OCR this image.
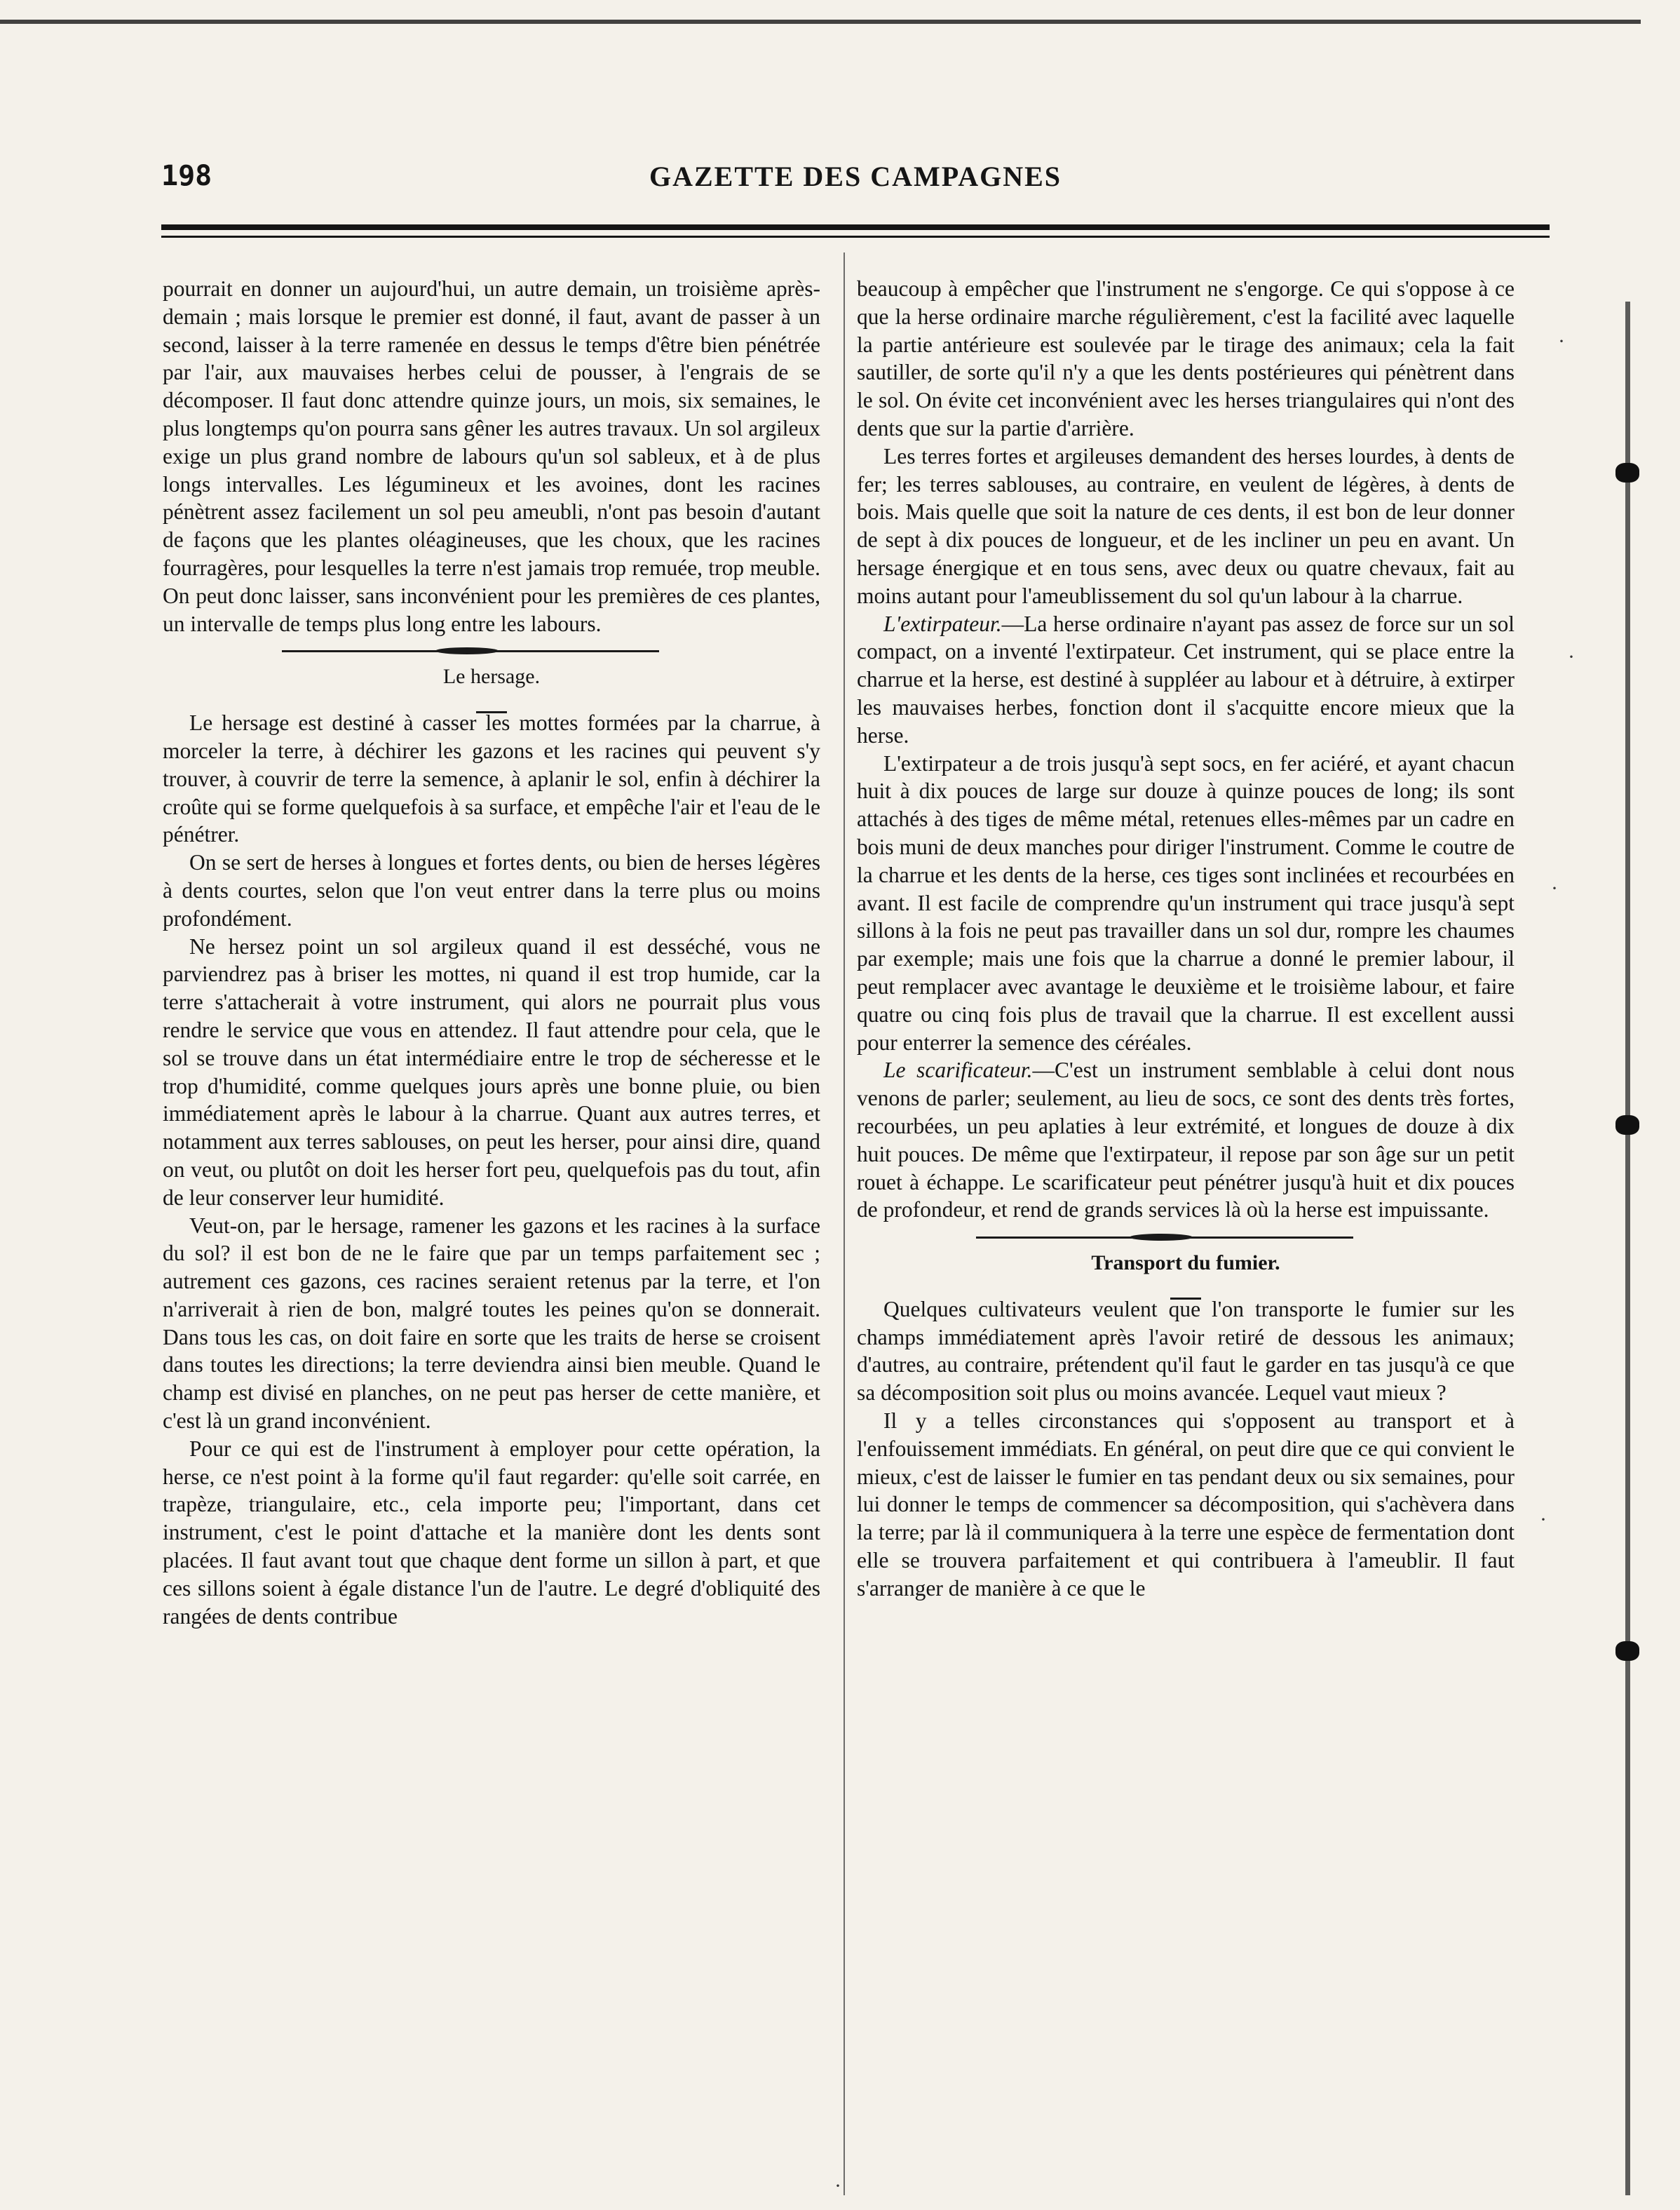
198	GAZETTE DES CAMPAGNES

pourrait en donner un aujourd'hui, un autre demain, un troisième après-demain ; mais lorsque le premier est donné, il faut, avant de passer à un second, laisser à la terre ramenée en dessus le temps d'être bien pénétrée par l'air, aux mauvaises herbes celui de pousser, à l'engrais de se décomposer. Il faut donc attendre quinze jours, un mois, six semaines, le plus longtemps qu'on pourra sans gêner les autres travaux. Un sol argileux exige un plus grand nombre de labours qu'un sol sableux, et à de plus longs intervalles. Les légumineux et les avoines, dont les racines pénètrent assez facilement un sol peu ameubli, n'ont pas besoin d'autant de façons que les plantes oléagineuses, que les choux, que les racines fourragères, pour lesquelles la terre n'est jamais trop remuée, trop meuble. On peut donc laisser, sans inconvénient pour les premières de ces plantes, un intervalle de temps plus long entre les labours.

Le hersage.

Le hersage est destiné à casser les mottes formées par la charrue, à morceler la terre, à déchirer les gazons et les racines qui peuvent s'y trouver, à couvrir de terre la semence, à aplanir le sol, enfin à déchirer la croûte qui se forme quelquefois à sa surface, et empêche l'air et l'eau de le pénétrer.

On se sert de herses à longues et fortes dents, ou bien de herses légères à dents courtes, selon que l'on veut entrer dans la terre plus ou moins profondément.

Ne hersez point un sol argileux quand il est desséché, vous ne parviendrez pas à briser les mottes, ni quand il est trop humide, car la terre s'attacherait à votre instrument, qui alors ne pourrait plus vous rendre le service que vous en attendez. Il faut attendre pour cela, que le sol se trouve dans un état intermédiaire entre le trop de sécheresse et le trop d'humidité, comme quelques jours après une bonne pluie, ou bien immédiatement après le labour à la charrue. Quant aux autres terres, et notamment aux terres sablouses, on peut les herser, pour ainsi dire, quand on veut, ou plutôt on doit les herser fort peu, quelquefois pas du tout, afin de leur conserver leur humidité.

Veut-on, par le hersage, ramener les gazons et les racines à la surface du sol? il est bon de ne le faire que par un temps parfaitement sec ; autrement ces gazons, ces racines seraient retenus par la terre, et l'on n'arriverait à rien de bon, malgré toutes les peines qu'on se donnerait. Dans tous les cas, on doit faire en sorte que les traits de herse se croisent dans toutes les directions; la terre deviendra ainsi bien meuble. Quand le champ est divisé en planches, on ne peut pas herser de cette manière, et c'est là un grand inconvénient.

Pour ce qui est de l'instrument à employer pour cette opération, la herse, ce n'est point à la forme qu'il faut regarder: qu'elle soit carrée, en trapèze, triangulaire, etc., cela importe peu; l'important, dans cet instrument, c'est le point d'attache et la manière dont les dents sont placées. Il faut avant tout que chaque dent forme un sillon à part, et que ces sillons soient à égale distance l'un de l'autre. Le degré d'obliquité des rangées de dents contribue

beaucoup à empêcher que l'instrument ne s'engorge. Ce qui s'oppose à ce que la herse ordinaire marche régulièrement, c'est la facilité avec laquelle la partie antérieure est soulevée par le tirage des animaux; cela la fait sautiller, de sorte qu'il n'y a que les dents postérieures qui pénètrent dans le sol. On évite cet inconvénient avec les herses triangulaires qui n'ont des dents que sur la partie d'arrière.

Les terres fortes et argileuses demandent des herses lourdes, à dents de fer; les terres sablouses, au contraire, en veulent de légères, à dents de bois. Mais quelle que soit la nature de ces dents, il est bon de leur donner de sept à dix pouces de longueur, et de les incliner un peu en avant. Un hersage énergique et en tous sens, avec deux ou quatre chevaux, fait au moins autant pour l'ameublissement du sol qu'un labour à la charrue.

L'extirpateur.—La herse ordinaire n'ayant pas assez de force sur un sol compact, on a inventé l'extirpateur. Cet instrument, qui se place entre la charrue et la herse, est destiné à suppléer au labour et à détruire, à extirper les mauvaises herbes, fonction dont il s'acquitte encore mieux que la herse.

L'extirpateur a de trois jusqu'à sept socs, en fer aciéré, et ayant chacun huit à dix pouces de large sur douze à quinze pouces de long; ils sont attachés à des tiges de même métal, retenues elles-mêmes par un cadre en bois muni de deux manches pour diriger l'instrument. Comme le coutre de la charrue et les dents de la herse, ces tiges sont inclinées et recourbées en avant. Il est facile de comprendre qu'un instrument qui trace jusqu'à sept sillons à la fois ne peut pas travailler dans un sol dur, rompre les chaumes par exemple; mais une fois que la charrue a donné le premier labour, il peut remplacer avec avantage le deuxième et le troisième labour, et faire quatre ou cinq fois plus de travail que la charrue. Il est excellent aussi pour enterrer la semence des céréales.

Le scarificateur.—C'est un instrument semblable à celui dont nous venons de parler; seulement, au lieu de socs, ce sont des dents très fortes, recourbées, un peu aplaties à leur extrémité, et longues de douze à dix huit pouces. De même que l'extirpateur, il repose par son âge sur un petit rouet à échappe. Le scarificateur peut pénétrer jusqu'à huit et dix pouces de profondeur, et rend de grands services là où la herse est impuissante.

Transport du fumier.

Quelques cultivateurs veulent que l'on transporte le fumier sur les champs immédiatement après l'avoir retiré de dessous les animaux; d'autres, au contraire, prétendent qu'il faut le garder en tas jusqu'à ce que sa décomposition soit plus ou moins avancée. Lequel vaut mieux ?

Il y a telles circonstances qui s'opposent au transport et à l'enfouissement immédiats. En général, on peut dire que ce qui convient le mieux, c'est de laisser le fumier en tas pendant deux ou six semaines, pour lui donner le temps de commencer sa décomposition, qui s'achèvera dans la terre; par là il communiquera à la terre une espèce de fermentation dont elle se trouvera parfaitement et qui contribuera à l'ameublir. Il faut s'arranger de manière à ce que le

·
·
·
·
·
